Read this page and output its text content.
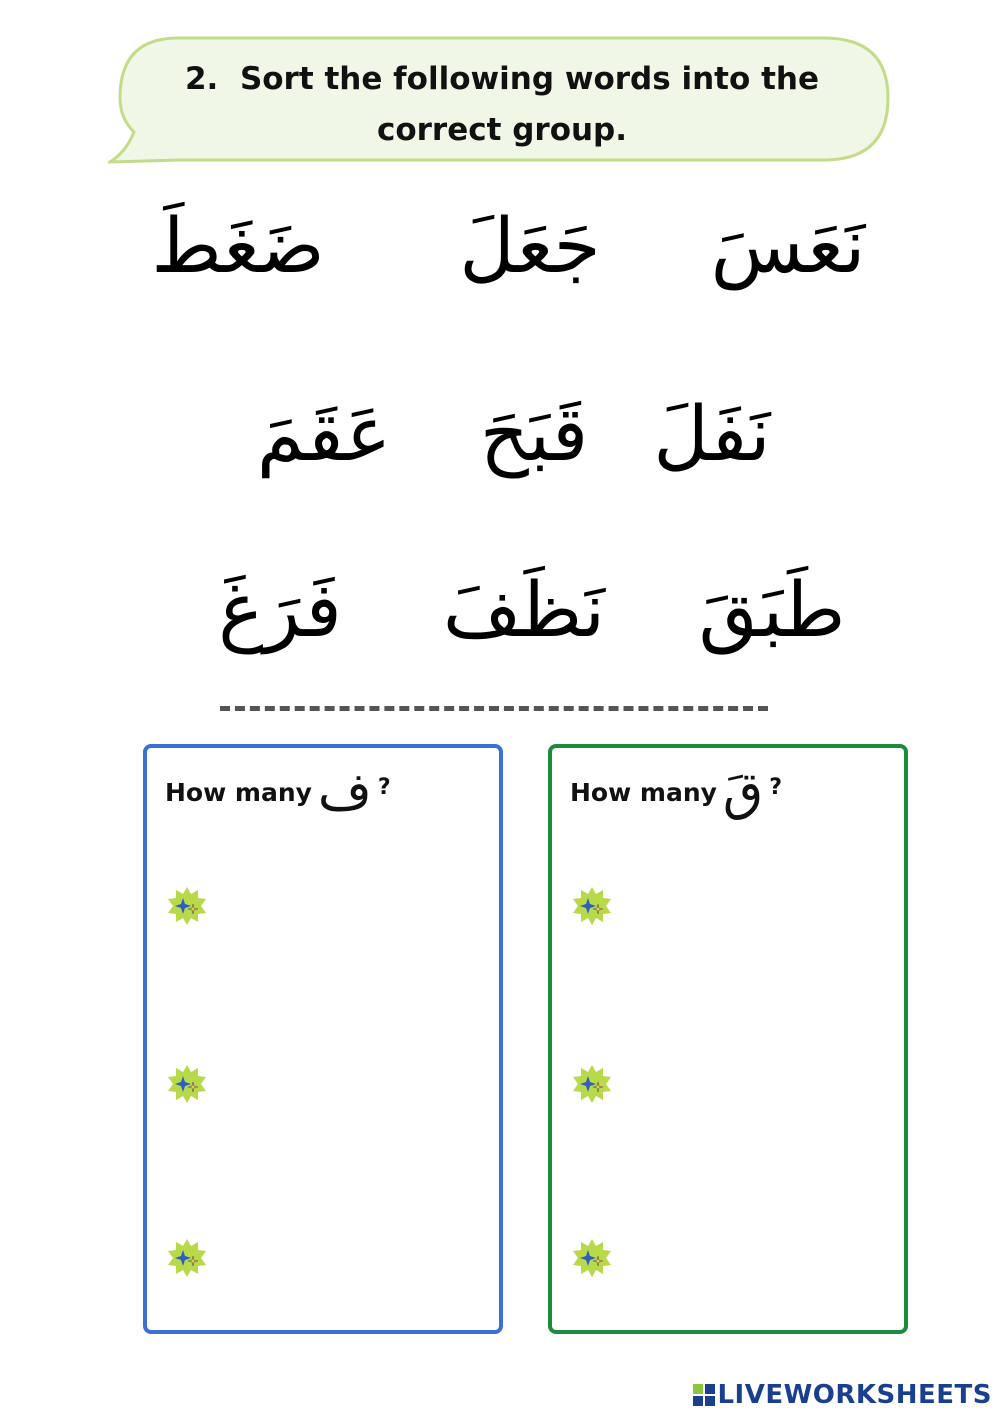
2. Sort the following words into the
correct group.
نَعَسَ
جَعَلَ
ضَغَطَ
نَفَلَ
قَبَحَ
عَقَمَ
طَبَقَ
نَظَفَ
فَرَغَ
How many ف ?	How many قَ ?
LIVEWORKSHEETS
